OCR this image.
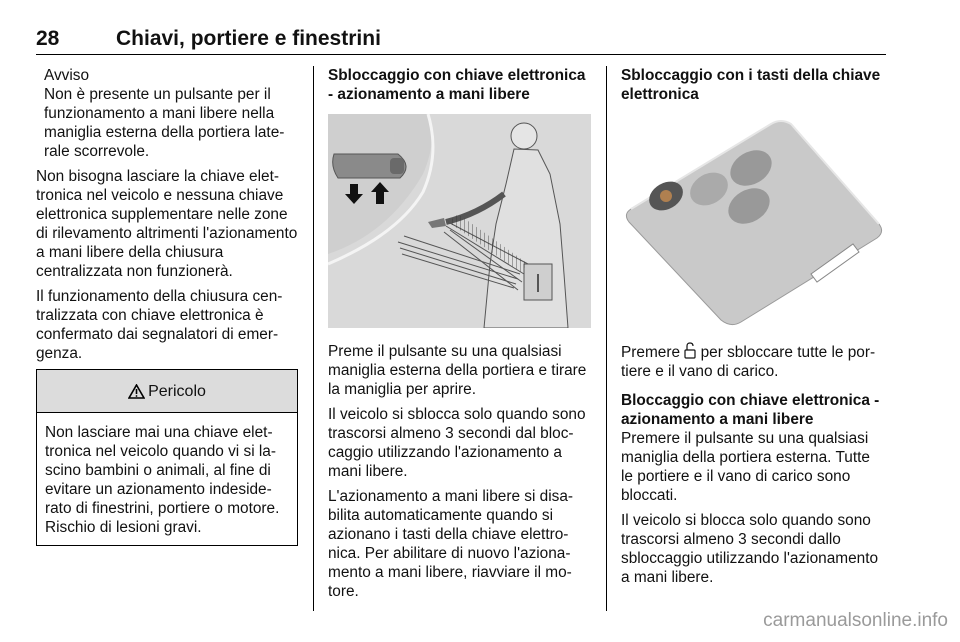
28	Chiavi, portiere e finestrini
Avviso
Non è presente un pulsante per il funzionamento a mani libere nella maniglia esterna della portiera laterale scorrevole.

Non bisogna lasciare la chiave elettronica nel veicolo e nessuna chiave elettronica supplementare nelle zone di rilevamento altrimenti l'azionamento a mani libere della chiusura centralizzata non funzionerà.

Il funzionamento della chiusura centralizzata con chiave elettronica è confermato dai segnalatori di emergenza.

Pericolo
Non lasciare mai una chiave elettronica nel veicolo quando vi si lascino bambini o animali, al fine di evitare un azionamento indesiderato di finestrini, portiere o motore. Rischio di lesioni gravi.
Sbloccaggio con chiave elettronica - azionamento a mani libere

Preme il pulsante su una qualsiasi maniglia esterna della portiera e tirare la maniglia per aprire.

Il veicolo si sblocca solo quando sono trascorsi almeno 3 secondi dal bloccaggio utilizzando l'azionamento a mani libere.

L'azionamento a mani libere si disabilita automaticamente quando si azionano i tasti della chiave elettronica. Per abilitare di nuovo l'azionamento a mani libere, riavviare il motore.

Sbloccaggio con i tasti della chiave elettronica

Premere per sbloccare tutte le portiere e il vano di carico.

Bloccaggio con chiave elettronica - azionamento a mani libere

Premere il pulsante su una qualsiasi maniglia della portiera esterna. Tutte le portiere e il vano di carico sono bloccati.

Il veicolo si blocca solo quando sono trascorsi almeno 3 secondi dallo sbloccaggio utilizzando l'azionamento a mani libere.

carmanualsonline.info
